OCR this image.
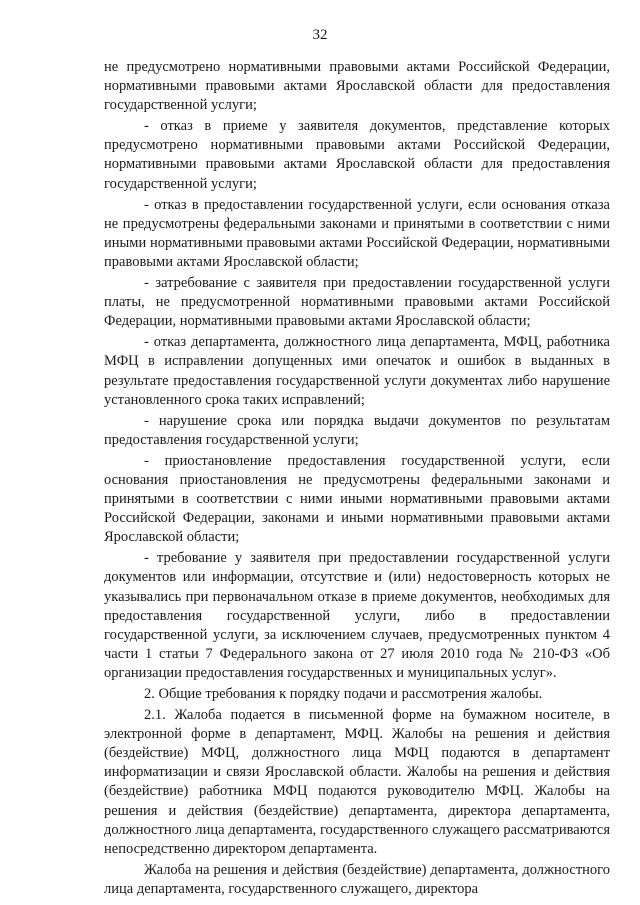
32

не предусмотрено нормативными правовыми актами Российской Федерации, нормативными правовыми актами Ярославской области для предоставления государственной услуги;

- отказ в приеме у заявителя документов, представление которых предусмотрено нормативными правовыми актами Российской Федерации, нормативными правовыми актами Ярославской области для предоставления государственной услуги;

- отказ в предоставлении государственной услуги, если основания отказа не предусмотрены федеральными законами и принятыми в соответствии с ними иными нормативными правовыми актами Российской Федерации, нормативными правовыми актами Ярославской области;

- затребование с заявителя при предоставлении государственной услуги платы, не предусмотренной нормативными правовыми актами Российской Федерации, нормативными правовыми актами Ярославской области;

- отказ департамента, должностного лица департамента, МФЦ, работника МФЦ в исправлении допущенных ими опечаток и ошибок в выданных в результате предоставления государственной услуги документах либо нарушение установленного срока таких исправлений;

- нарушение срока или порядка выдачи документов по результатам предоставления государственной услуги;

- приостановление предоставления государственной услуги, если основания приостановления не предусмотрены федеральными законами и принятыми в соответствии с ними иными нормативными правовыми актами Российской Федерации, законами и иными нормативными правовыми актами Ярославской области;

- требование у заявителя при предоставлении государственной услуги документов или информации, отсутствие и (или) недостоверность которых не указывались при первоначальном отказе в приеме документов, необходимых для предоставления государственной услуги, либо в предоставлении государственной услуги, за исключением случаев, предусмотренных пунктом 4 части 1 статьи 7 Федерального закона от 27 июля 2010 года № 210-ФЗ «Об организации предоставления государственных и муниципальных услуг».

2. Общие требования к порядку подачи и рассмотрения жалобы.

2.1. Жалоба подается в письменной форме на бумажном носителе, в электронной форме в департамент, МФЦ. Жалобы на решения и действия (бездействие) МФЦ, должностного лица МФЦ подаются в департамент информатизации и связи Ярославской области. Жалобы на решения и действия (бездействие) работника МФЦ подаются руководителю МФЦ. Жалобы на решения и действия (бездействие) департамента, директора департамента, должностного лица департамента, государственного служащего рассматриваются непосредственно директором департамента.

Жалоба на решения и действия (бездействие) департамента, должностного лица департамента, государственного служащего, директора
